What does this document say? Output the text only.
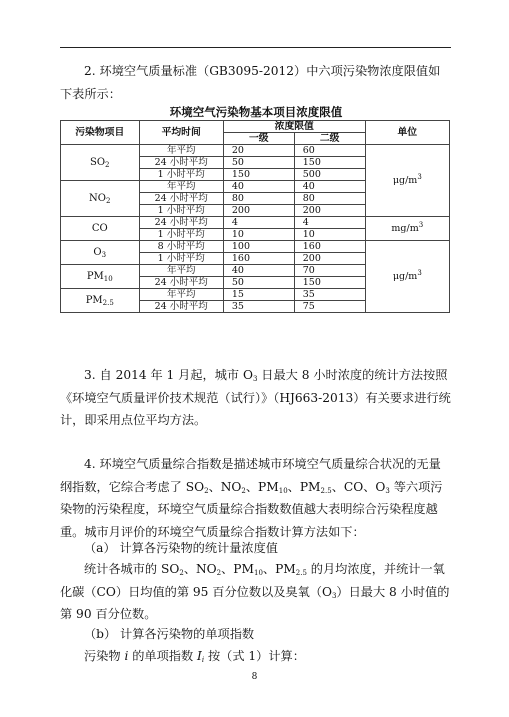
2. 环境空气质量标准（GB3095-2012）中六项污染物浓度限值如下表所示：

环境空气污染物基本项目浓度限值
污染物项目	平均时间	浓度限值		单位
		一级	二级	
$SO_2$	年平均	20	60	$\mu g/m^3$
	24 小时平均	50	150	
	1 小时平均	150	500	
$NO_2$	年平均	40	40	
	24 小时平均	80	80	
	1 小时平均	200	200	
CO	24 小时平均	4	4	$mg/m^3$
	1 小时平均	10	10	
$O_3$	8 小时平均	100	160	$\mu g/m^3$
	1 小时平均	160	200	
$PM_{10}$	年平均	40	70	
	24 小时平均	50	150	
$PM_{2.5}$	年平均	15	35	
	24 小时平均	35	75	

3. 自 2014 年 1 月起，城市 $O_3$ 日最大 8 小时浓度的统计方法按照《环境空气质量评价技术规范（试行）》（HJ663-2013）有关要求进行统计，即采用点位平均方法。

4. 环境空气质量综合指数是描述城市环境空气质量综合状况的无量纲指数，它综合考虑了 $SO_2$、$NO_2$、$PM_{10}$、$PM_{2.5}$、CO、$O_3$ 等六项污染物的污染程度，环境空气质量综合指数数值越大表明综合污染程度越重。城市月评价的环境空气质量综合指数计算方法如下：

（a） 计算各污染物的统计量浓度值

统计各城市的 $SO_2$、$NO_2$、$PM_{10}$、$PM_{2.5}$ 的月均浓度，并统计一氧化碳（CO）日均值的第 95 百分位数以及臭氧$(O_3)$日最大 8 小时值的第 90 百分位数。

（b） 计算各污染物的单项指数

污染物 i 的单项指数 $I_i$ 按（式 1）计算：

8
